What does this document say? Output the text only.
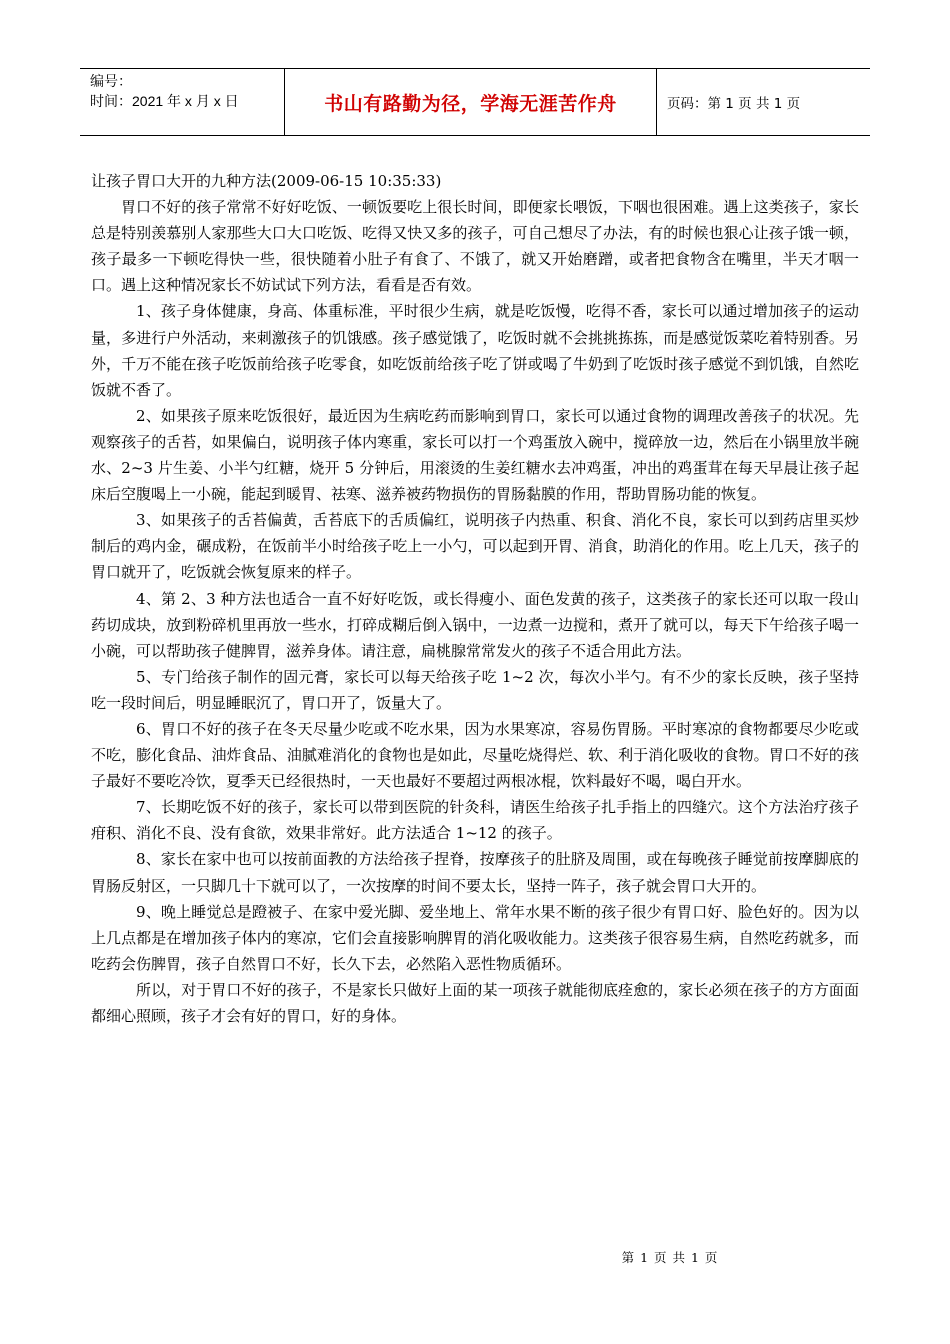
编号：
时间：2021 年 x 月 x 日	书山有路勤为径，学海无涯苦作舟	页码：第 1 页 共 1 页

让孩子胃口大开的九种方法(2009-06-15 10:35:33)

胃口不好的孩子常常不好好吃饭、一顿饭要吃上很长时间，即便家长喂饭，下咽也很困难。遇上这类孩子，家长总是特别羡慕别人家那些大口大口吃饭、吃得又快又多的孩子，可自己想尽了办法，有的时候也狠心让孩子饿一顿，孩子最多一下顿吃得快一些，很快随着小肚子有食了、不饿了，就又开始磨蹭，或者把食物含在嘴里，半天才咽一口。遇上这种情况家长不妨试试下列方法，看看是否有效。

1、孩子身体健康，身高、体重标准，平时很少生病，就是吃饭慢，吃得不香，家长可以通过增加孩子的运动量，多进行户外活动，来刺激孩子的饥饿感。孩子感觉饿了，吃饭时就不会挑挑拣拣，而是感觉饭菜吃着特别香。另外，千万不能在孩子吃饭前给孩子吃零食，如吃饭前给孩子吃了饼或喝了牛奶到了吃饭时孩子感觉不到饥饿，自然吃饭就不香了。

2、如果孩子原来吃饭很好，最近因为生病吃药而影响到胃口，家长可以通过食物的调理改善孩子的状况。先观察孩子的舌苔，如果偏白，说明孩子体内寒重，家长可以打一个鸡蛋放入碗中，搅碎放一边，然后在小锅里放半碗水、2~3 片生姜、小半勺红糖，烧开 5 分钟后，用滚烫的生姜红糖水去冲鸡蛋，冲出的鸡蛋茸在每天早晨让孩子起床后空腹喝上一小碗，能起到暖胃、祛寒、滋养被药物损伤的胃肠黏膜的作用，帮助胃肠功能的恢复。

3、如果孩子的舌苔偏黄，舌苔底下的舌质偏红，说明孩子内热重、积食、消化不良，家长可以到药店里买炒制后的鸡内金，碾成粉，在饭前半小时给孩子吃上一小勺，可以起到开胃、消食，助消化的作用。吃上几天，孩子的胃口就开了，吃饭就会恢复原来的样子。

4、第 2、3 种方法也适合一直不好好吃饭，或长得瘦小、面色发黄的孩子，这类孩子的家长还可以取一段山药切成块，放到粉碎机里再放一些水，打碎成糊后倒入锅中，一边煮一边搅和，煮开了就可以，每天下午给孩子喝一小碗，可以帮助孩子健脾胃，滋养身体。请注意，扁桃腺常常发火的孩子不适合用此方法。

5、专门给孩子制作的固元膏，家长可以每天给孩子吃 1~2 次，每次小半勺。有不少的家长反映，孩子坚持吃一段时间后，明显睡眠沉了，胃口开了，饭量大了。

6、胃口不好的孩子在冬天尽量少吃或不吃水果，因为水果寒凉，容易伤胃肠。平时寒凉的食物都要尽少吃或不吃，膨化食品、油炸食品、油腻难消化的食物也是如此，尽量吃烧得烂、软、利于消化吸收的食物。胃口不好的孩子最好不要吃冷饮，夏季天已经很热时，一天也最好不要超过两根冰棍，饮料最好不喝，喝白开水。

7、长期吃饭不好的孩子，家长可以带到医院的针灸科，请医生给孩子扎手指上的四缝穴。这个方法治疗孩子疳积、消化不良、没有食欲，效果非常好。此方法适合 1~12 的孩子。

8、家长在家中也可以按前面教的方法给孩子捏脊，按摩孩子的肚脐及周围，或在每晚孩子睡觉前按摩脚底的胃肠反射区，一只脚几十下就可以了，一次按摩的时间不要太长，坚持一阵子，孩子就会胃口大开的。

9、晚上睡觉总是蹬被子、在家中爱光脚、爱坐地上、常年水果不断的孩子很少有胃口好、脸色好的。因为以上几点都是在增加孩子体内的寒凉，它们会直接影响脾胃的消化吸收能力。这类孩子很容易生病，自然吃药就多，而吃药会伤脾胃，孩子自然胃口不好，长久下去，必然陷入恶性物质循环。

所以，对于胃口不好的孩子，不是家长只做好上面的某一项孩子就能彻底痊愈的，家长必须在孩子的方方面面都细心照顾，孩子才会有好的胃口，好的身体。

第 1 页 共 1 页
